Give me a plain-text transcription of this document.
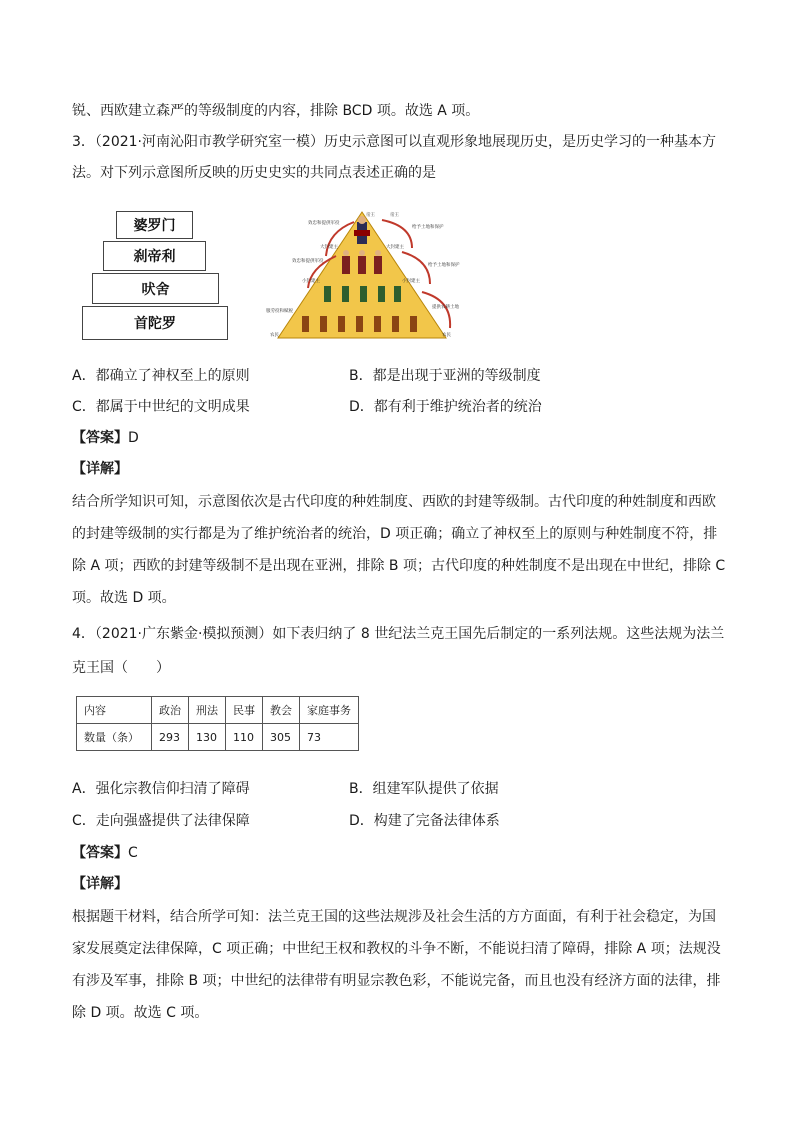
锐、西欧建立森严的等级制度的内容，排除 BCD 项。故选 A 项。
3．（2021·河南沁阳市教学研究室一模）历史示意图可以直观形象地展现历史，是历史学习的一种基本方
法。对下列示意图所反映的历史史实的共同点表述正确的是
婆罗门
刹帝利
吠舍
首陀罗
帝王	帝王
效忠和提供军役
效忠和提供军役
给予土地和保护
给予土地和保护
大封建主	大封建主
小封建主	小封建主
服劳役和赋税
提供农耕土地
农民	农民
A．都确立了神权至上的原则	B．都是出现于亚洲的等级制度
C．都属于中世纪的文明成果	D．都有利于维护统治者的统治
【答案】D
【详解】
结合所学知识可知，示意图依次是古代印度的种姓制度、西欧的封建等级制。古代印度的种姓制度和西欧
的封建等级制的实行都是为了维护统治者的统治，D 项正确；确立了神权至上的原则与种姓制度不符，排
除 A 项；西欧的封建等级制不是出现在亚洲，排除 B 项；古代印度的种姓制度不是出现在中世纪，排除 C
项。故选 D 项。
4．（2021·广东紫金·模拟预测）如下表归纳了 8 世纪法兰克王国先后制定的一系列法规。这些法规为法兰
克王国（　　）
内容	政治	刑法	民事	教会	家庭事务
数量（条）	293	130	110	305	73
A．强化宗教信仰扫清了障碍	B．组建军队提供了依据
C．走向强盛提供了法律保障	D．构建了完备法律体系
【答案】C
【详解】
根据题干材料，结合所学可知：法兰克王国的这些法规涉及社会生活的方方面面，有利于社会稳定，为国
家发展奠定法律保障，C 项正确；中世纪王权和教权的斗争不断，不能说扫清了障碍，排除 A 项；法规没
有涉及军事，排除 B 项；中世纪的法律带有明显宗教色彩，不能说完备，而且也没有经济方面的法律，排
除 D 项。故选 C 项。
